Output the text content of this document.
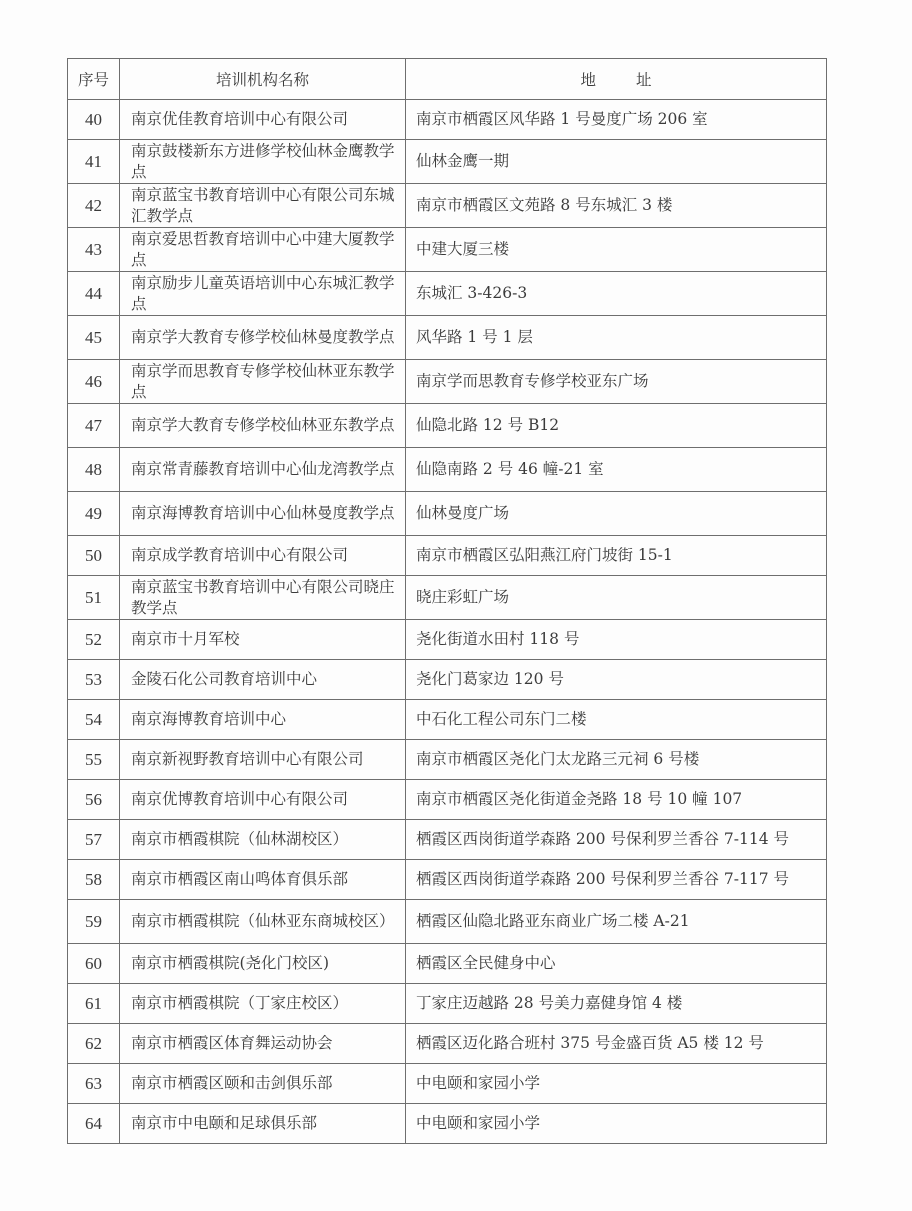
序号	培训机构名称	地址
40	南京优佳教育培训中心有限公司	南京市栖霞区风华路 1 号曼度广场 206 室
41	南京鼓楼新东方进修学校仙林金鹰教学点	仙林金鹰一期
42	南京蓝宝书教育培训中心有限公司东城汇教学点	南京市栖霞区文苑路 8 号东城汇 3 楼
43	南京爱思哲教育培训中心中建大厦教学点	中建大厦三楼
44	南京励步儿童英语培训中心东城汇教学点	东城汇 3-426-3
45	南京学大教育专修学校仙林曼度教学点	风华路 1 号 1 层
46	南京学而思教育专修学校仙林亚东教学点	南京学而思教育专修学校亚东广场
47	南京学大教育专修学校仙林亚东教学点	仙隐北路 12 号 B12
48	南京常青藤教育培训中心仙龙湾教学点	仙隐南路 2 号 46 幢-21 室
49	南京海博教育培训中心仙林曼度教学点	仙林曼度广场
50	南京成学教育培训中心有限公司	南京市栖霞区弘阳燕江府门坡街 15-1
51	南京蓝宝书教育培训中心有限公司晓庄教学点	晓庄彩虹广场
52	南京市十月军校	尧化街道水田村 118 号
53	金陵石化公司教育培训中心	尧化门葛家边 120 号
54	南京海博教育培训中心	中石化工程公司东门二楼
55	南京新视野教育培训中心有限公司	南京市栖霞区尧化门太龙路三元祠 6 号楼
56	南京优博教育培训中心有限公司	南京市栖霞区尧化街道金尧路 18 号 10 幢 107
57	南京市栖霞棋院（仙林湖校区）	栖霞区西岗街道学森路 200 号保利罗兰香谷 7-114 号
58	南京市栖霞区南山鸣体育俱乐部	栖霞区西岗街道学森路 200 号保利罗兰香谷 7-117 号
59	南京市栖霞棋院（仙林亚东商城校区）	栖霞区仙隐北路亚东商业广场二楼 A-21
60	南京市栖霞棋院(尧化门校区)	栖霞区全民健身中心
61	南京市栖霞棋院（丁家庄校区）	丁家庄迈越路 28 号美力嘉健身馆 4 楼
62	南京市栖霞区体育舞运动协会	栖霞区迈化路合班村 375 号金盛百货 A5 楼 12 号
63	南京市栖霞区颐和击剑俱乐部	中电颐和家园小学
64	南京市中电颐和足球俱乐部	中电颐和家园小学
